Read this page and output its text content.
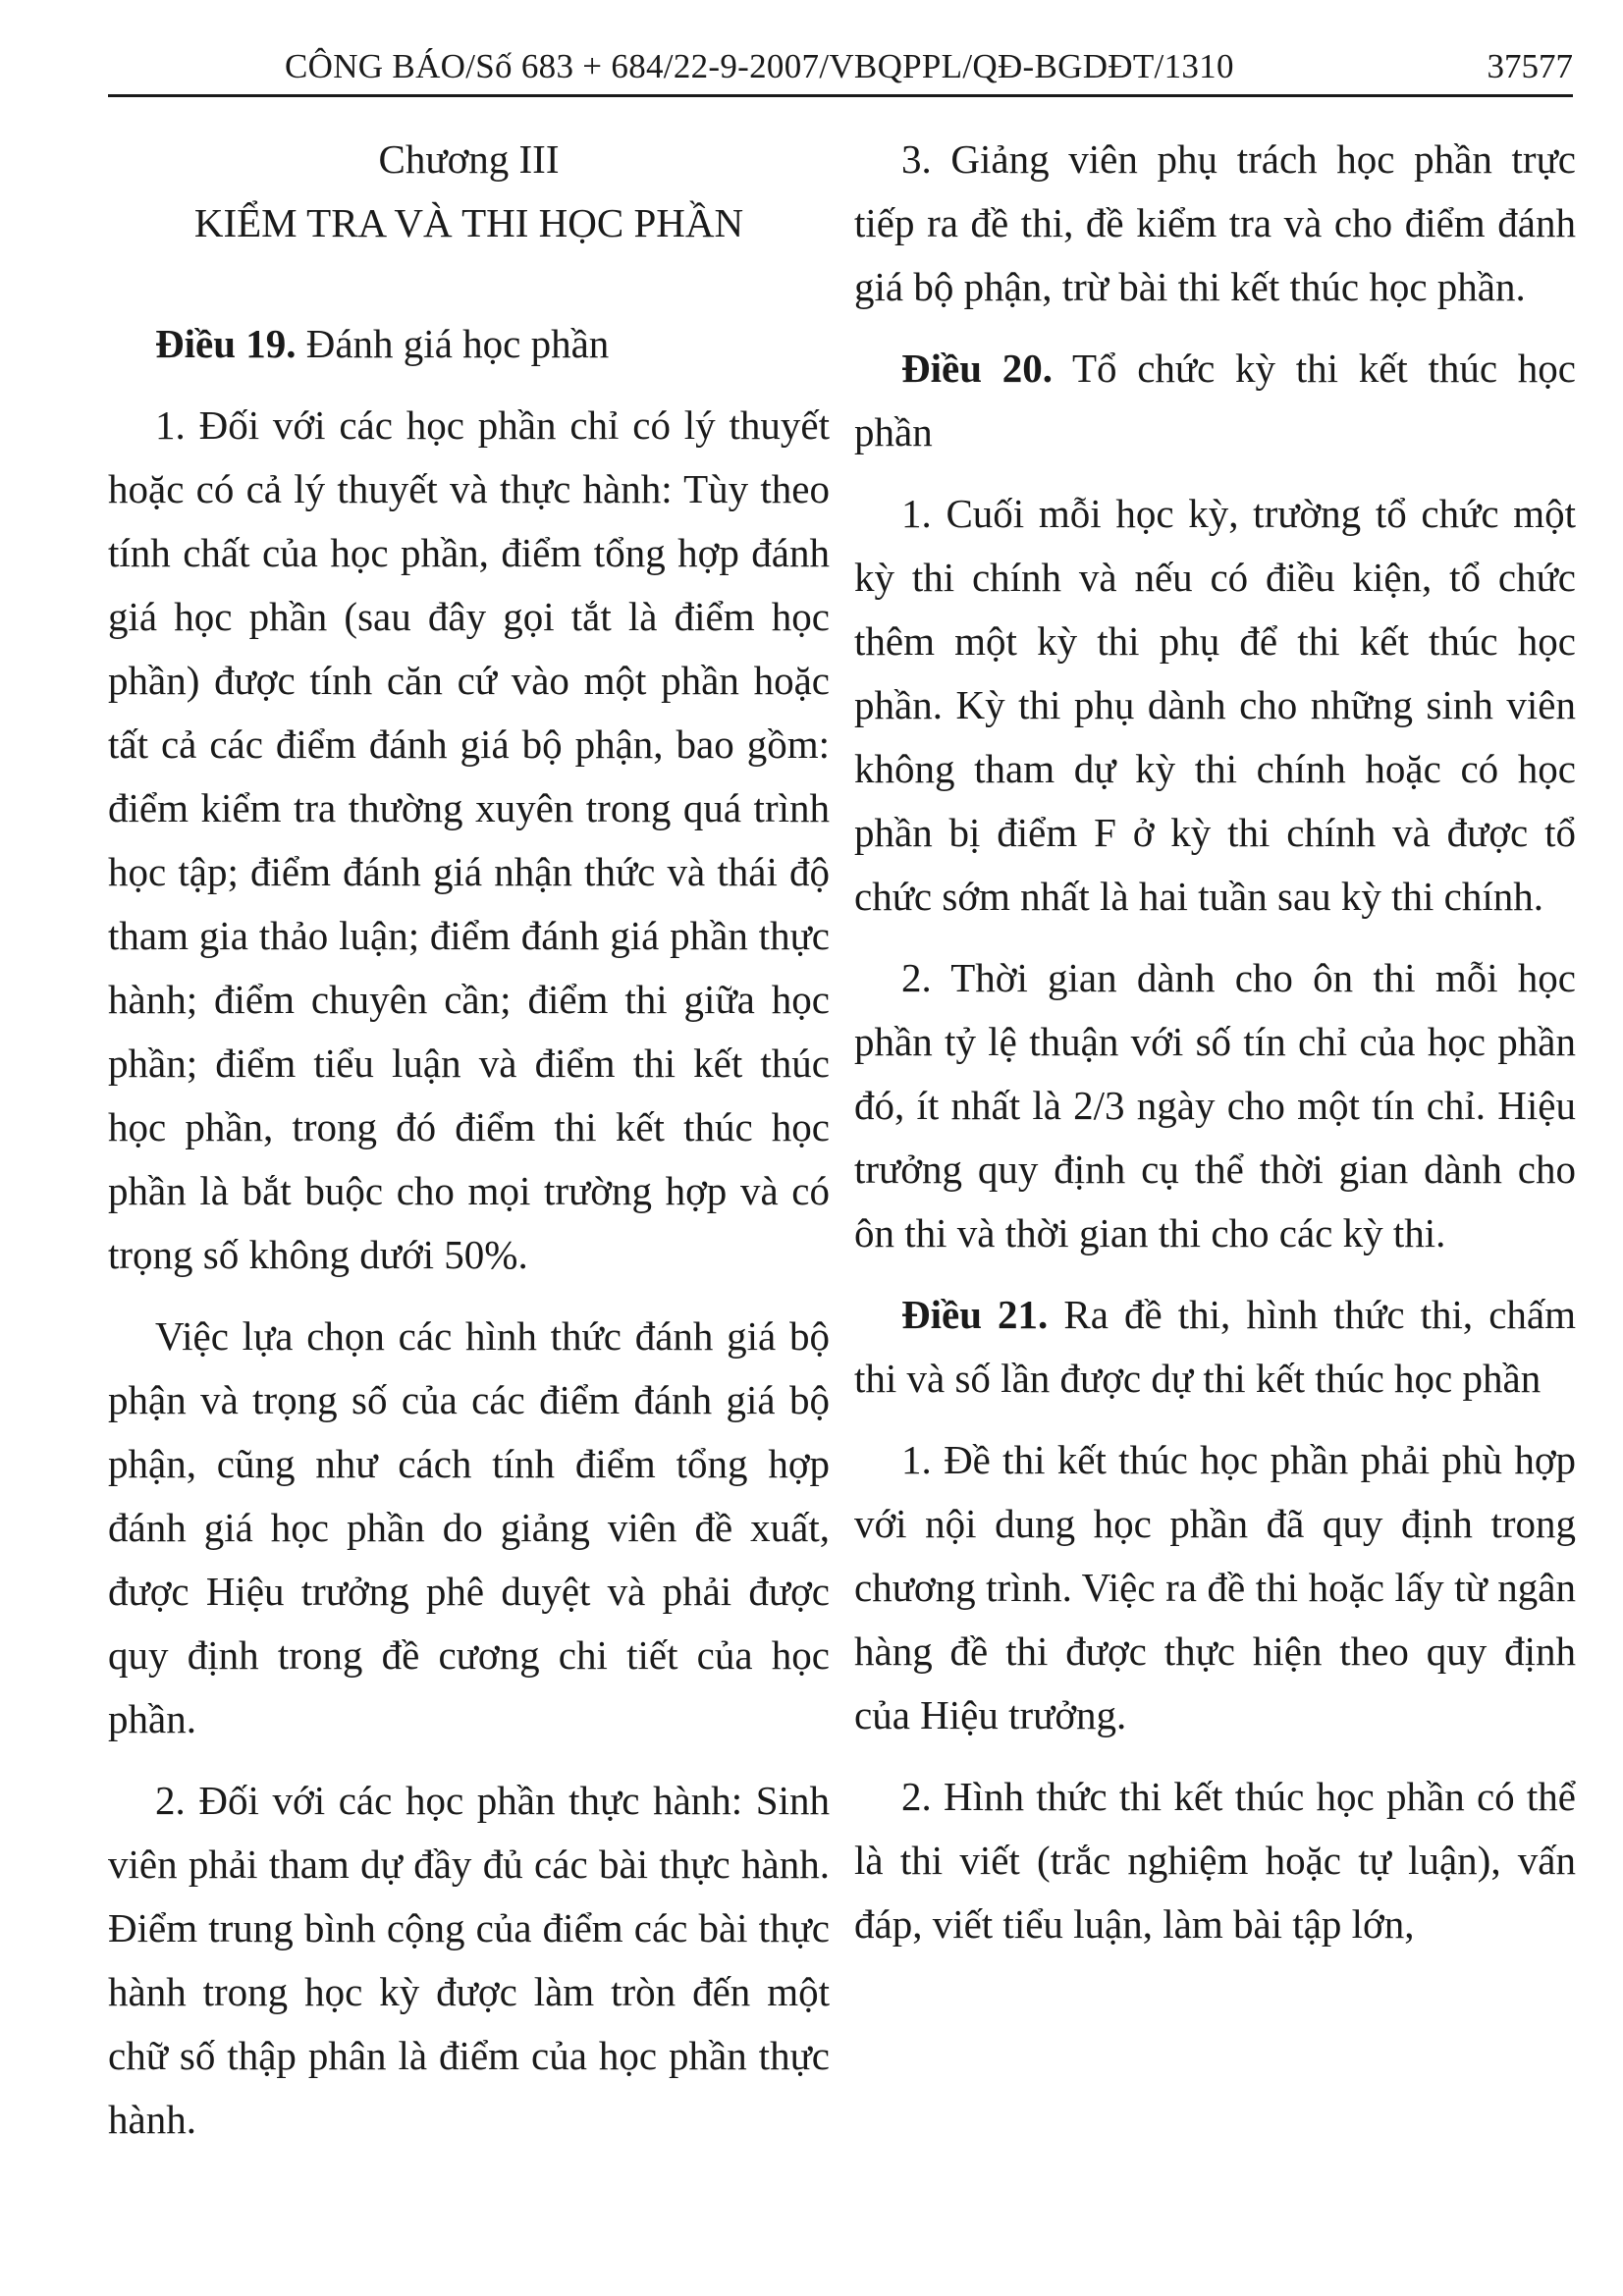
CÔNG BÁO/Số 683 + 684/22-9-2007/VBQPPL/QĐ-BGDĐT/1310	37577
Chương III
KIỂM TRA VÀ THI HỌC PHẦN

Điều 19. Đánh giá học phần

1. Đối với các học phần chỉ có lý thuyết hoặc có cả lý thuyết và thực hành: Tùy theo tính chất của học phần, điểm tổng hợp đánh giá học phần (sau đây gọi tắt là điểm học phần) được tính căn cứ vào một phần hoặc tất cả các điểm đánh giá bộ phận, bao gồm: điểm kiểm tra thường xuyên trong quá trình học tập; điểm đánh giá nhận thức và thái độ tham gia thảo luận; điểm đánh giá phần thực hành; điểm chuyên cần; điểm thi giữa học phần; điểm tiểu luận và điểm thi kết thúc học phần, trong đó điểm thi kết thúc học phần là bắt buộc cho mọi trường hợp và có trọng số không dưới 50%.

Việc lựa chọn các hình thức đánh giá bộ phận và trọng số của các điểm đánh giá bộ phận, cũng như cách tính điểm tổng hợp đánh giá học phần do giảng viên đề xuất, được Hiệu trưởng phê duyệt và phải được quy định trong đề cương chi tiết của học phần.

2. Đối với các học phần thực hành: Sinh viên phải tham dự đầy đủ các bài thực hành. Điểm trung bình cộng của điểm các bài thực hành trong học kỳ được làm tròn đến một chữ số thập phân là điểm của học phần thực hành.

3. Giảng viên phụ trách học phần trực tiếp ra đề thi, đề kiểm tra và cho điểm đánh giá bộ phận, trừ bài thi kết thúc học phần.

Điều 20. Tổ chức kỳ thi kết thúc học phần

1. Cuối mỗi học kỳ, trường tổ chức một kỳ thi chính và nếu có điều kiện, tổ chức thêm một kỳ thi phụ để thi kết thúc học phần. Kỳ thi phụ dành cho những sinh viên không tham dự kỳ thi chính hoặc có học phần bị điểm F ở kỳ thi chính và được tổ chức sớm nhất là hai tuần sau kỳ thi chính.

2. Thời gian dành cho ôn thi mỗi học phần tỷ lệ thuận với số tín chỉ của học phần đó, ít nhất là 2/3 ngày cho một tín chỉ. Hiệu trưởng quy định cụ thể thời gian dành cho ôn thi và thời gian thi cho các kỳ thi.

Điều 21. Ra đề thi, hình thức thi, chấm thi và số lần được dự thi kết thúc học phần

1. Đề thi kết thúc học phần phải phù hợp với nội dung học phần đã quy định trong chương trình. Việc ra đề thi hoặc lấy từ ngân hàng đề thi được thực hiện theo quy định của Hiệu trưởng.

2. Hình thức thi kết thúc học phần có thể là thi viết (trắc nghiệm hoặc tự luận), vấn đáp, viết tiểu luận, làm bài tập lớn,
